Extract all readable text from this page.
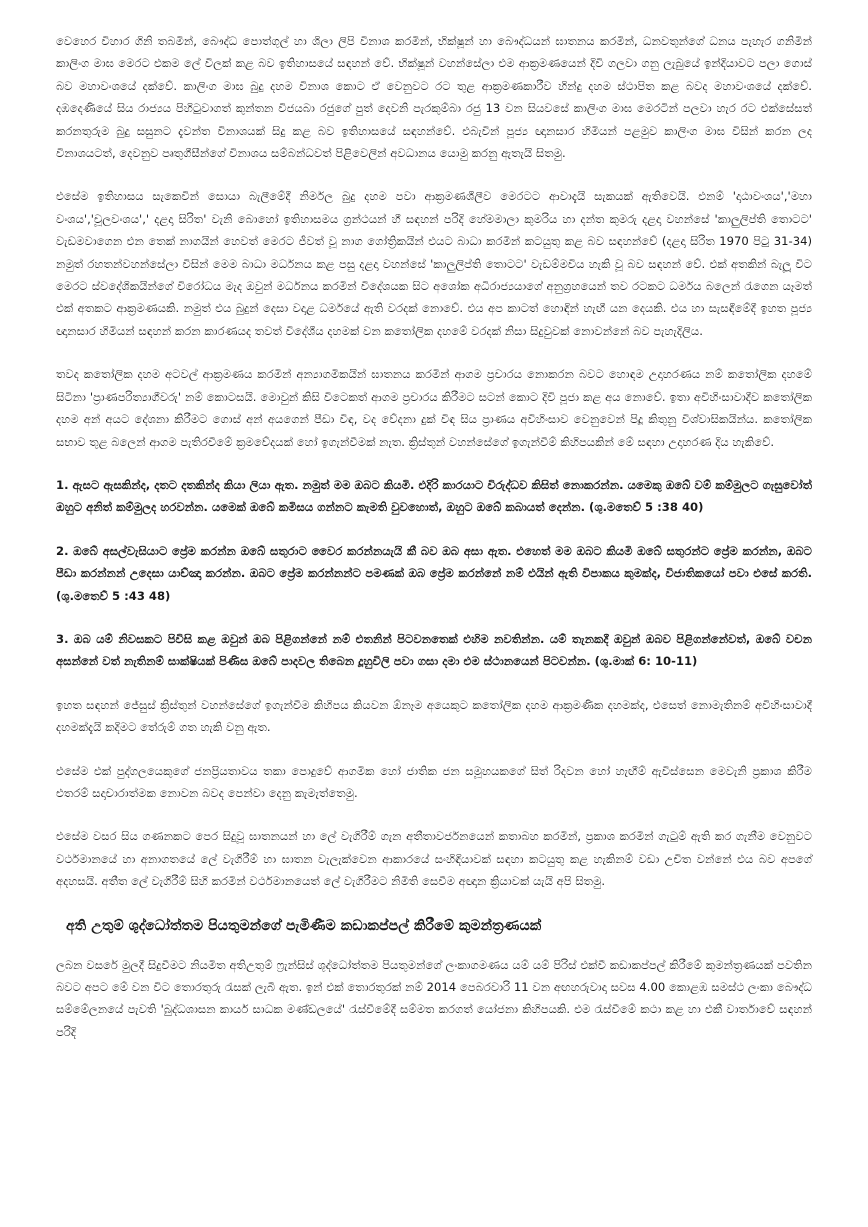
වෙහෙර විහාර ගිනි තබමින්, බෞද්ධ පොත්ගුල් හා ශිලා ලිපි විනාශ කරමින්, භික්ෂූන් හා බෞද්ධයන් ඝාතනය කරමින්, ධනවතුන්ගේ ධනය පැහැර ගනිමින් කාලිංග මාඝ මෙරට එකම ලේ විලක් කළ බව ඉතිහාසයේ සඳහන් වේ. භික්ෂූන් වහන්සේලා එම ආක්‍රමණයෙන් දිවි ගලවා ගනු ලැබුයේ ඉන්දියාවට පලා ගොස් බව මහාවංශයේ දක්වේ. කාලිංග මාඝ බුදු දහම විනාශ කොට ඒ වෙනුවට රට තුළ ආක්‍රමණකාරීව හින්දු දහම ස්ථාපිත කළ බවද මහාවංශයේ දක්වේ. දඹදෙණියේ සිය රාජ්‍යය පිහිටුවාගත් කුන්තන විජයබා රජුගේ පුත් දෙවනි පැරකුම්බා රජු 13 වන සියවසේ කාලිංග මාඝ මෙරටින් පලවා හැර රට එක්සේසත් කරනතුරුම බුදු සසුනට දැවන්ත විනාශයක් සිදු කළ බව ඉතිහාසයේ සඳහන්වේ. එබැවින් පූජ්‍ය ඥානසාර හිමියන් පළමුව කාලිංග මාඝ විසින් කරන ලද විනාශයටත්, දෙවනුව පෘතුගීසීන්ගේ විනාශය සම්බන්ධවත් පිළිවෙලින් අවධානය යොමු කරනු ඇතැයි සිතමු.

එසේම ඉතිහාසය සැකෙවින් සොයා බැලීමේදී නිර්මල බුදු දහම පවා ආක්‍රමණශීලීව මෙරටට ආවාදැයි සැකයක් ඇතිවෙයි. එනම් 'දාඨාවංශය','මහා වංශය','චූලවංශය',' දළදා සිරිත' වැනි බොහෝ ඉතිහාසමය ග්‍රන්ථයන් හී සඳහන් පරිදි හේමමාලා කුමරිය හා දන්ත කුමරු දළදා වහන්සේ 'කාලුලිප්ති තොටට' වැඩමවාගෙන එන තෙක් නාගයින් හෙවත් මෙරට ජීවත් වූ නාග ගෝත්‍රිකයින් එයට බාධා කරමින් කටයුතු කළ බව සඳහන්වේ (දළදා සිරිත 1970 පිටු 31-34) නමුත් රහතන්වහන්සේලා විසින් මෙම බාධා මර්ධනය කළ පසු දළදා වහන්සේ 'කාලුලිප්ති තොටට' වැඩම්මවිය හැකි වූ බව සඳහන් වේ. එක් අතකින් බැලූ විට මෙරට ස්වදේශිකයින්ගේ විරෝධය මැද ඔවුන් මර්ධනය කරමින් විදේශයක සිට අශෝක අධිරාජ්‍යයාගේ අනුග්‍රහයෙන් තව රටකට ධර්මය බලෙන් රැගෙන යෑමත් එක් අතකට ආක්‍රමණයකි. නමුත් එය බුදුන් දෙසා වදාළ ධර්මයේ ඇති වරදක් නොවේ. එය අප කාටත් හොඳින් හැඟී යන දෙයකි. එය හා සැසඳීමේදී ඉහත පූජ්‍ය ඥානසාර හිමියන් සඳහන් කරන කාරණයද තවත් විදේශීය දහමක් වන කතෝලික දහමේ වරදක් නිසා සිදුවුවක් නොවන්නේ බව පැහැදිලිය.

තවද කතෝලික දහම අටවල් ආක්‍රමණය කරමින් අන්‍යාගමිකයින් ඝාතනය කරමින් ආගම ප්‍රචාරය නොකරන බවට හොඳම උදාහරණය නම් කතෝලික දහමේ සිටිනා 'ප්‍රාණපරිත්‍යාගීවරු' නම් කොටසයි. මොවුන් කිසි විටෙකත් ආගම ප්‍රචාරය කිරීමට සටන් කොට දිවි පූජා කළ අය නොවේ. ඉතා අවිහිංසාවාදීව කතෝලික දහම අන් අයට දේශනා කිරීමට ගොස් අන් අයගෙන් පීඩා විඳ, වද වේදනා දුක් විඳ සිය ප්‍රාණය අවිහිංසාව වෙනුවෙන් පිදූ කිතුනු විශ්වාසිකයින්ය. කතෝලික සභාව තුළ බලෙන් ආගම පැතිරවීමේ ක්‍රමවේදයක් හෝ ඉගැන්වීමක් නැත. ක්‍රිස්තුන් වහන්සේගේ ඉගැන්වීම් කිහිපයකින් මේ සඳහා උදාහරණ දිය හැකිවේ.

1. ඇසට ඇසකින්ද, දතට දතකින්ද කියා ලියා ඇත. නමුත් මම ඔබට කියමි. එදිරි කාරයාට විරුද්ධව කිසිත් නොකරන්න. යමෙකු ඔබේ වම් කම්මුලට ගැසුවෝත් ඔහුට අනිත් කම්මුලද හරවන්න. යමෙක් ඔබේ කමිසය ගන්නට කැමති වුවහොත්, ඔහුට ඔබේ කබායත් දෙන්න. (ශු.මතෙව් 5 :38 40)

2. ඔබේ අසල්වැසියාට ප්‍රේම කරන්න ඔබේ සතුරාට වෛර කරන්නයැයි කී බව ඔබ අසා ඇත. එහෙත් මම ඔබට කියමි ඔබේ සතුරන්ට ප්‍රේම කරන්න, ඔබට පීඩා කරන්නන් උදෙසා යාච්ඤා කරන්න. ඔබට ප්‍රේම කරන්නන්ට පමණක් ඔබ ප්‍රේම කරන්නේ නම් එයින් ඇති විපාකය කුමක්ද, විජාතිකයෝ පවා එසේ කරති. (ශු.මතෙව් 5 :43 48)

3. ඔබ යම් නිවසකට පිවිසි කළ ඔවුන් ඔබ පිළිගන්නේ නම් එතනින් පිටවනතෙක් එහිම නවතින්න. යම් තැනකදී ඔවුන් ඔබව පිළිගන්නේවත්, ඔබේ වචන අසන්නේ වත් නැතිනම් සාක්ෂියක් පිණිස ඔබේ පාදවල තිබෙන දූහුවිලි පවා ගසා දමා එම ස්ථානයෙන් පිටවන්න. (ශු.මාක් 6: 10-11)

ඉහත සඳහන් ජේසුස් ක්‍රිස්තුන් වහන්සේගේ ඉගැන්වීම කිහිපය කියවන ඕනෑම අයෙකුට කතෝලික දහම ආක්‍රමණික දහමක්ද, එසෙත් නොමැතිනම් අවිහිංසාවාදී දහමක්දැයි කදිමට තේරුම් ගත හැකි වනු ඇත.

එසේම එක් පුද්ගලයෙකුගේ ජනප්‍රියතාවය තකා පොදුවේ ආගමික හෝ ජාතික ජන සමූහයකගේ සිත් රිදවන හෝ හැඟීම් ඇවිස්සෙන මෙවැනි ප්‍රකාශ කිරීම එතරම් සදාචාරාත්මක නොවන බවද පෙන්වා දෙනු කැමැත්තෙමු.

එසේම වසර සිය ගණනකට පෙර සිදුවූ ඝාතනයන් හා ලේ වැගිරීම් ගැන අතීතාවර්ජනයෙන් කතාබහ කරමින්, ප්‍රකාශ කරමින් ගැටුම් ඇති කර ගැනීම වෙනුවට වර්ථමානයේ හා අනාගතයේ ලේ වැගිරීම් හා ඝාතන වැලැක්වෙන ආකාරයේ සංහිඳියාවක් සඳහා කටයුතු කළ හැකිනම් වඩා උචිත වන්නේ එය බව අපගේ අදහසයි. අතීත ලේ වැගිරීම් සිහි කරමින් වර්ථමානයෙත් ලේ වැගිරීමට නිමිති සෙවීම අඥාන ක්‍රියාවක් යැයි අපි සිතමු.

අති උතුම් ශුද්ධෝත්තම පියතුමන්ගේ පැමිණීම කඩාකප්පල් කිරීමේ කුමන්ත්‍රණයක්

ලබන වසරේ මුලදී සිදුවීමට නියමිත අතිඋතුම් ෆ්‍රැන්සිස් ශුද්ධෝත්තම පියතුමන්ගේ ලංකාගමණය යම් යම් පිරිස් එක්වී කඩාකප්පල් කිරීමේ කුමන්ත්‍රණයක් පවතින බවට අපට මේ වන විට තොරතුරු රැසක් ලැබී ඇත. ඉන් එක් තොරතුරක් නම් 2014 පෙබරවාරි 11 වන අඟහරුවාදා සවස 4.00 කොළඹ සමස්ථ ලංකා බෞද්ධ සම්මේලනයේ පැවති 'බුද්ධශාසන කාර්ය සාධක මණ්ඩලයේ' රැස්වීමේදී සම්මත කරගත් යෝජනා කිහිපයකි. එම රැස්වීමේ කථා කළ හා එකී වාර්තාවේ සඳහන් පරිදි
